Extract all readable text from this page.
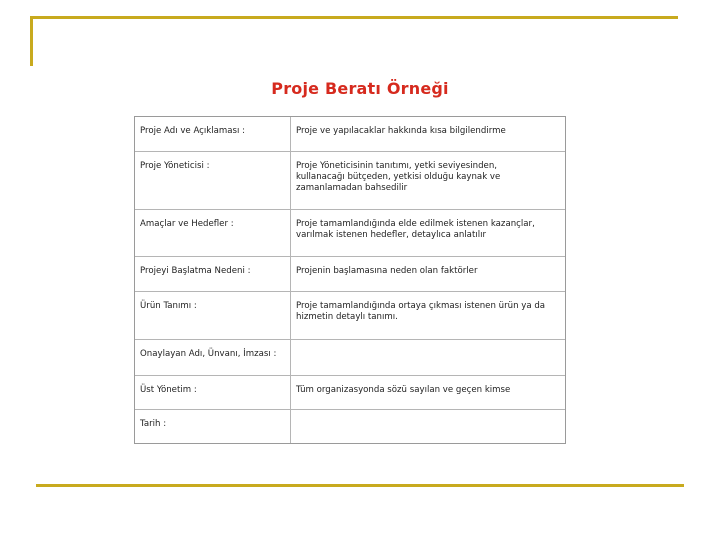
Proje Beratı Örneği
Proje Adı ve Açıklaması :	Proje ve yapılacaklar hakkında kısa bilgilendirme
Proje Yöneticisi :	Proje Yöneticisinin tanıtımı, yetki seviyesinden,
kullanacağı bütçeden, yetkisi olduğu kaynak ve
zamanlamadan bahsedilir
Amaçlar ve Hedefler :	Proje tamamlandığında elde edilmek istenen kazançlar,
varılmak istenen hedefler, detaylıca anlatılır
Projeyi Başlatma Nedeni :	Projenin başlamasına neden olan faktörler
Ürün Tanımı :	Proje tamamlandığında ortaya çıkması istenen ürün ya da
hizmetin detaylı tanımı.
Onaylayan Adı, Ünvanı, İmzası :
Üst Yönetim :	Tüm organizasyonda sözü sayılan ve geçen kimse
Tarih :
